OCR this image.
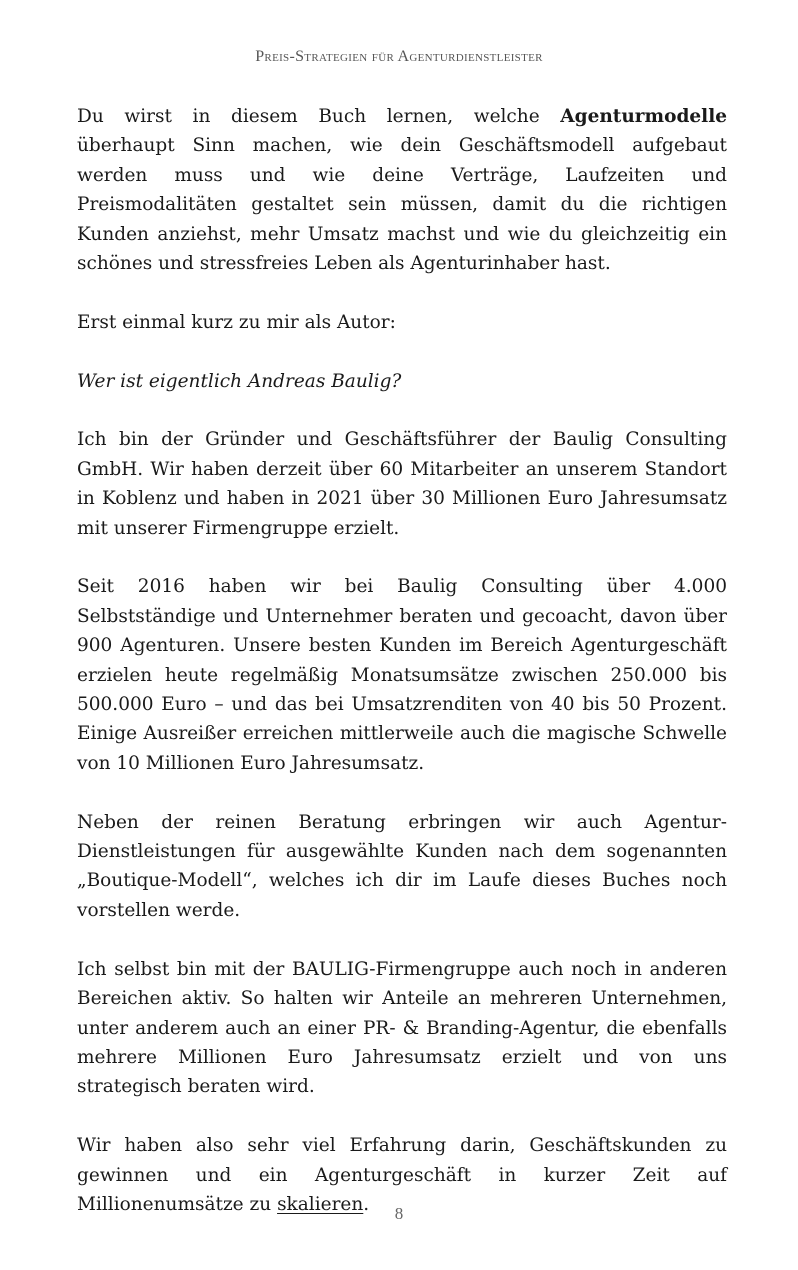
Preis-Strategien für Agenturdienstleister

Du wirst in diesem Buch lernen, welche Agenturmodelle überhaupt Sinn machen, wie dein Geschäftsmodell aufgebaut werden muss und wie deine Verträge, Laufzeiten und Preismodalitäten gestaltet sein müssen, damit du die richtigen Kunden anziehst, mehr Umsatz machst und wie du gleichzeitig ein schönes und stressfreies Leben als Agenturinhaber hast.

Erst einmal kurz zu mir als Autor:

Wer ist eigentlich Andreas Baulig?

Ich bin der Gründer und Geschäftsführer der Baulig Consulting GmbH. Wir haben derzeit über 60 Mitarbeiter an unserem Standort in Koblenz und haben in 2021 über 30 Millionen Euro Jahresumsatz mit unserer Firmengruppe erzielt.

Seit 2016 haben wir bei Baulig Consulting über 4.000 Selbstständige und Unternehmer beraten und gecoacht, davon über 900 Agenturen. Unsere besten Kunden im Bereich Agenturgeschäft erzielen heute regelmäßig Monatsumsätze zwischen 250.000 bis 500.000 Euro – und das bei Umsatzrenditen von 40 bis 50 Prozent. Einige Ausreißer erreichen mittlerweile auch die magische Schwelle von 10 Millionen Euro Jahresumsatz.

Neben der reinen Beratung erbringen wir auch Agentur-Dienstleistungen für ausgewählte Kunden nach dem sogenannten „Boutique-Modell“, welches ich dir im Laufe dieses Buches noch vorstellen werde.

Ich selbst bin mit der BAULIG-Firmengruppe auch noch in anderen Bereichen aktiv. So halten wir Anteile an mehreren Unternehmen, unter anderem auch an einer PR- & Branding-Agentur, die ebenfalls mehrere Millionen Euro Jahresumsatz erzielt und von uns strategisch beraten wird.

Wir haben also sehr viel Erfahrung darin, Geschäftskunden zu gewinnen und ein Agenturgeschäft in kurzer Zeit auf Millionenumsätze zu skalieren.	8
